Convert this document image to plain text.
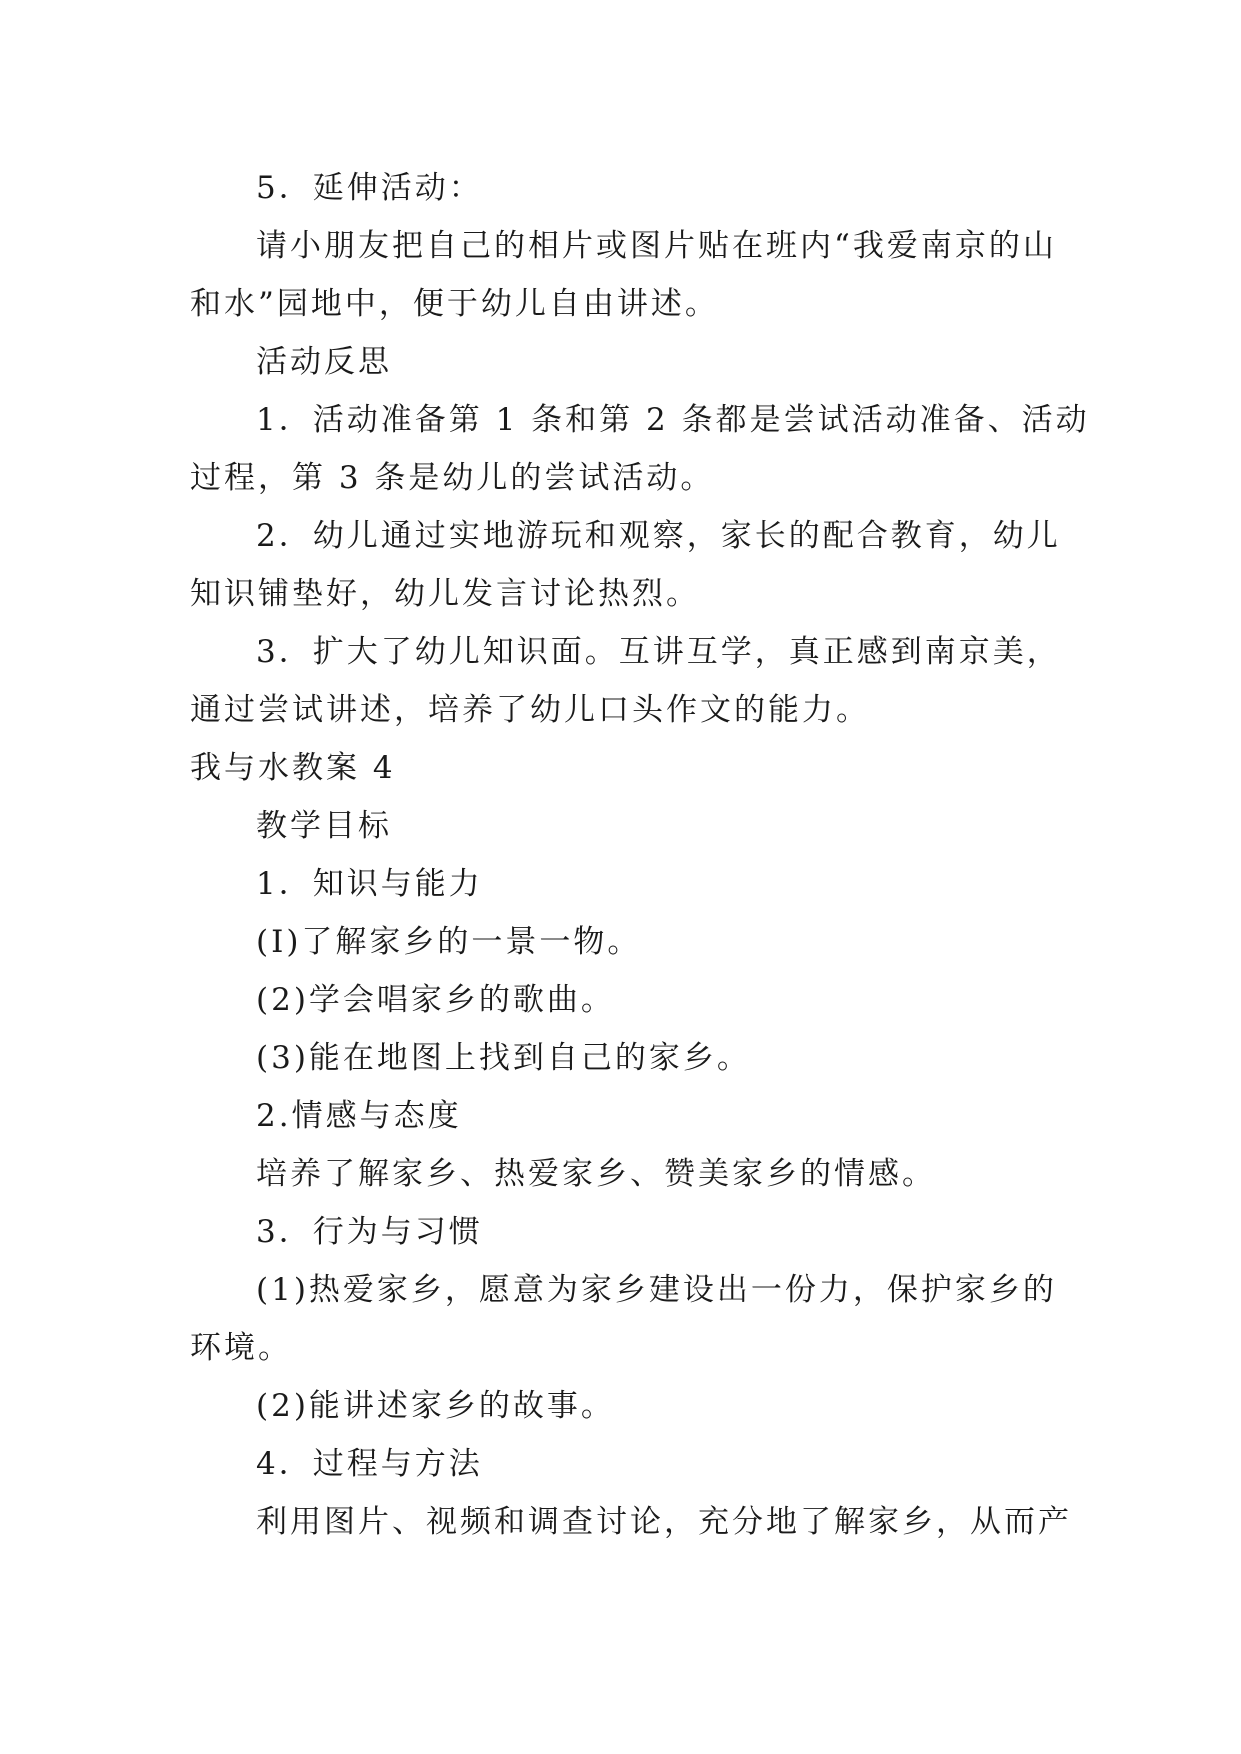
5．延伸活动：
请小朋友把自己的相片或图片贴在班内“我爱南京的山
和水”园地中，便于幼儿自由讲述。
活动反思
1．活动准备第 1 条和第 2 条都是尝试活动准备、活动
过程，第 3 条是幼儿的尝试活动。
2．幼儿通过实地游玩和观察，家长的配合教育，幼儿
知识铺垫好，幼儿发言讨论热烈。
3．扩大了幼儿知识面。互讲互学，真正感到南京美，
通过尝试讲述，培养了幼儿口头作文的能力。
我与水教案 4
教学目标
1．知识与能力
(I)了解家乡的一景一物。
(2)学会唱家乡的歌曲。
(3)能在地图上找到自己的家乡。
2.情感与态度
培养了解家乡、热爱家乡、赞美家乡的情感。
3．行为与习惯
(1)热爱家乡，愿意为家乡建设出一份力，保护家乡的
环境。
(2)能讲述家乡的故事。
4．过程与方法
利用图片、视频和调查讨论，充分地了解家乡，从而产
